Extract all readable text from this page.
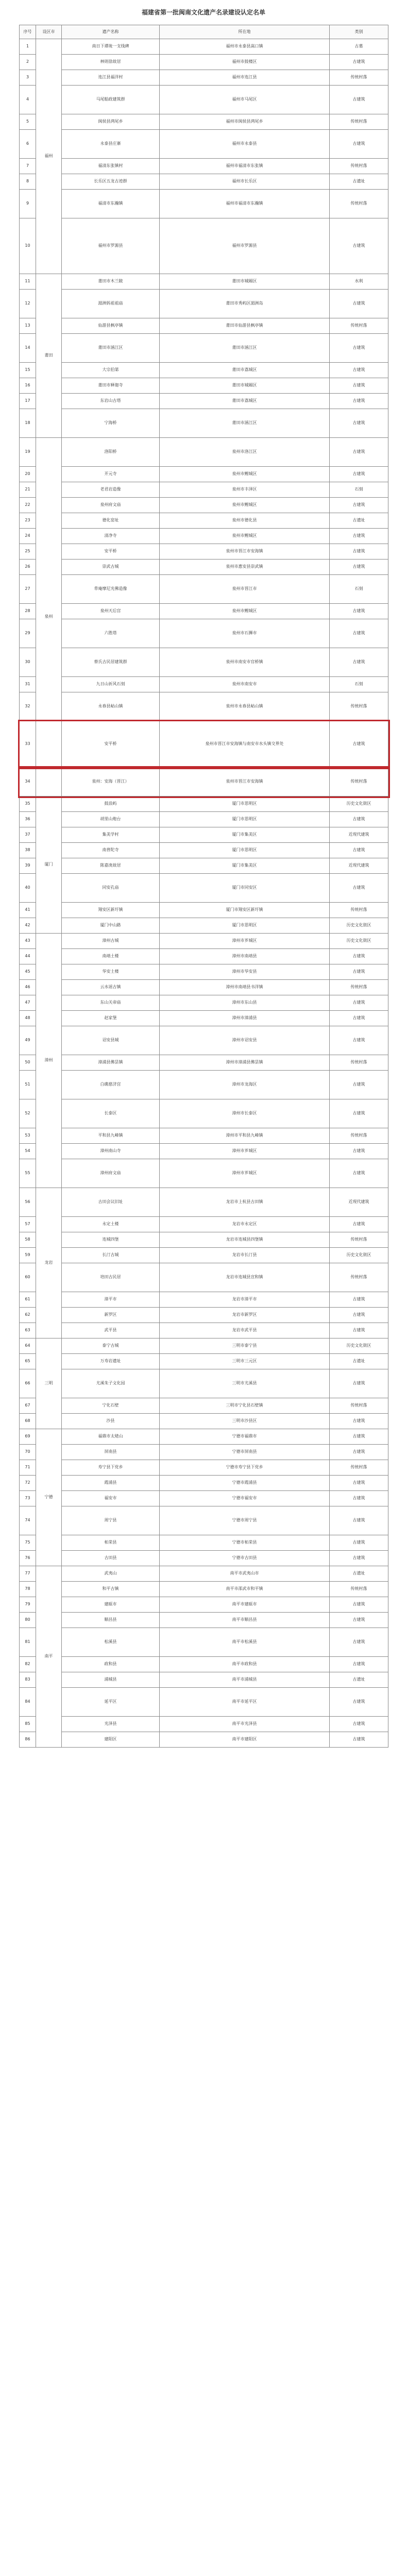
福建省第一批闽南文化遗产名录建设认定名单
序号	设区市	遗产名称	所在地	类别
1	福州	南日下谭垅一支线碑	福州市永泰县嵩口镇	古墓
2		林则徐故居	福州市鼓楼区	古建筑
3		连江县福洋村	福州市连江县	传统村落
4		马尾船政建筑群	福州市马尾区	古建筑
5		闽侯县鸿尾乡	福州市闽侯县鸿尾乡	传统村落
6		永泰县庄寨	福州市永泰县	古建筑
7		福清东张镇村	福州市福清市东张镇	传统村落
8		长乐区五龙古迹群	福州市长乐区	古遗址
9		福清市东瀚镇	福州市福清市东瀚镇	传统村落
10		福州市罗源县	福州市罗源县	古建筑
11	莆田	莆田市木兰陂	莆田市城厢区	水利
12		湄洲妈祖祖庙	莆田市秀屿区湄洲岛	古建筑
13		仙游县枫亭镇	莆田市仙游县枫亭镇	传统村落
14		莆田市涵江区	莆田市涵江区	古建筑
15		大宗伯第	莆田市荔城区	古建筑
16		莆田市释迦寺	莆田市城厢区	古建筑
17		东岩山古塔	莆田市荔城区	古建筑
18		宁海桥	莆田市涵江区	古建筑
19	泉州	洛阳桥	泉州市洛江区	古建筑
20		开元寺	泉州市鲤城区	古建筑
21		老君岩造像	泉州市丰泽区	石刻
22		泉州府文庙	泉州市鲤城区	古建筑
23		德化窑址	泉州市德化县	古遗址
24		清净寺	泉州市鲤城区	古建筑
25		安平桥	泉州市晋江市安海镇	古建筑
26		崇武古城	泉州市惠安县崇武镇	古建筑
27		草庵摩尼光佛造像	泉州市晋江市	石刻
28		泉州天后宫	泉州市鲤城区	古建筑
29		六胜塔	泉州市石狮市	古建筑
30		蔡氏古民居建筑群	泉州市南安市官桥镇	古建筑
31		九日山祈风石刻	泉州市南安市	石刻
32		永春县岵山镇	泉州市永春县岵山镇	传统村落
33		安平桥	泉州市晋江市安海镇与南安市水头镇交界处	古建筑
34		泉州：安海（晋江）	泉州市晋江市安海镇	传统村落
35	厦门	鼓浪屿	厦门市思明区	历史文化街区
36		胡里山炮台	厦门市思明区	古建筑
37		集美学村	厦门市集美区	近现代建筑
38		南普陀寺	厦门市思明区	古建筑
39		陈嘉庚故居	厦门市集美区	近现代建筑
40		同安孔庙	厦门市同安区	古建筑
41		翔安区新圩镇	厦门市翔安区新圩镇	传统村落
42		厦门中山路	厦门市思明区	历史文化街区
43	漳州	漳州古城	漳州市芗城区	历史文化街区
44		南靖土楼	漳州市南靖县	古建筑
45		华安土楼	漳州市华安县	古建筑
46		云水谣古镇	漳州市南靖县书洋镇	传统村落
47		东山关帝庙	漳州市东山县	古建筑
48		赵家堡	漳州市漳浦县	古建筑
49		诏安县城	漳州市诏安县	古建筑
50		漳浦县佛昙镇	漳州市漳浦县佛昙镇	传统村落
51		白礁慈济宫	漳州市龙海区	古建筑
52		长泰区	漳州市长泰区	古建筑
53		平和县九峰镇	漳州市平和县九峰镇	传统村落
54		漳州南山寺	漳州市芗城区	古建筑
55		漳州府文庙	漳州市芗城区	古建筑
56	龙岩	古田会议旧址	龙岩市上杭县古田镇	近现代建筑
57		永定土楼	龙岩市永定区	古建筑
58		连城四堡	龙岩市连城县四堡镇	传统村落
59		长汀古城	龙岩市长汀县	历史文化街区
60		培田古民居	龙岩市连城县宣和镇	传统村落
61		漳平市	龙岩市漳平市	古建筑
62		新罗区	龙岩市新罗区	古建筑
63		武平县	龙岩市武平县	古建筑
64	三明	泰宁古城	三明市泰宁县	历史文化街区
65		万寿岩遗址	三明市三元区	古遗址
66		尤溪朱子文化园	三明市尤溪县	古建筑
67		宁化石壁	三明市宁化县石壁镇	传统村落
68		沙县	三明市沙县区	古建筑
69	宁德	福鼎市太姥山	宁德市福鼎市	古建筑
70		屏南县	宁德市屏南县	古建筑
71		寿宁县下党乡	宁德市寿宁县下党乡	传统村落
72		霞浦县	宁德市霞浦县	古建筑
73		福安市	宁德市福安市	古建筑
74		周宁县	宁德市周宁县	古建筑
75		柘荣县	宁德市柘荣县	古建筑
76		古田县	宁德市古田县	古建筑
77	南平	武夷山	南平市武夷山市	古遗址
78		和平古镇	南平市邵武市和平镇	传统村落
79		建瓯市	南平市建瓯市	古建筑
80		顺昌县	南平市顺昌县	古建筑
81		松溪县	南平市松溪县	古建筑
82		政和县	南平市政和县	古建筑
83		浦城县	南平市浦城县	古遗址
84		延平区	南平市延平区	古建筑
85		光泽县	南平市光泽县	古建筑
86		建阳区	南平市建阳区	古建筑
